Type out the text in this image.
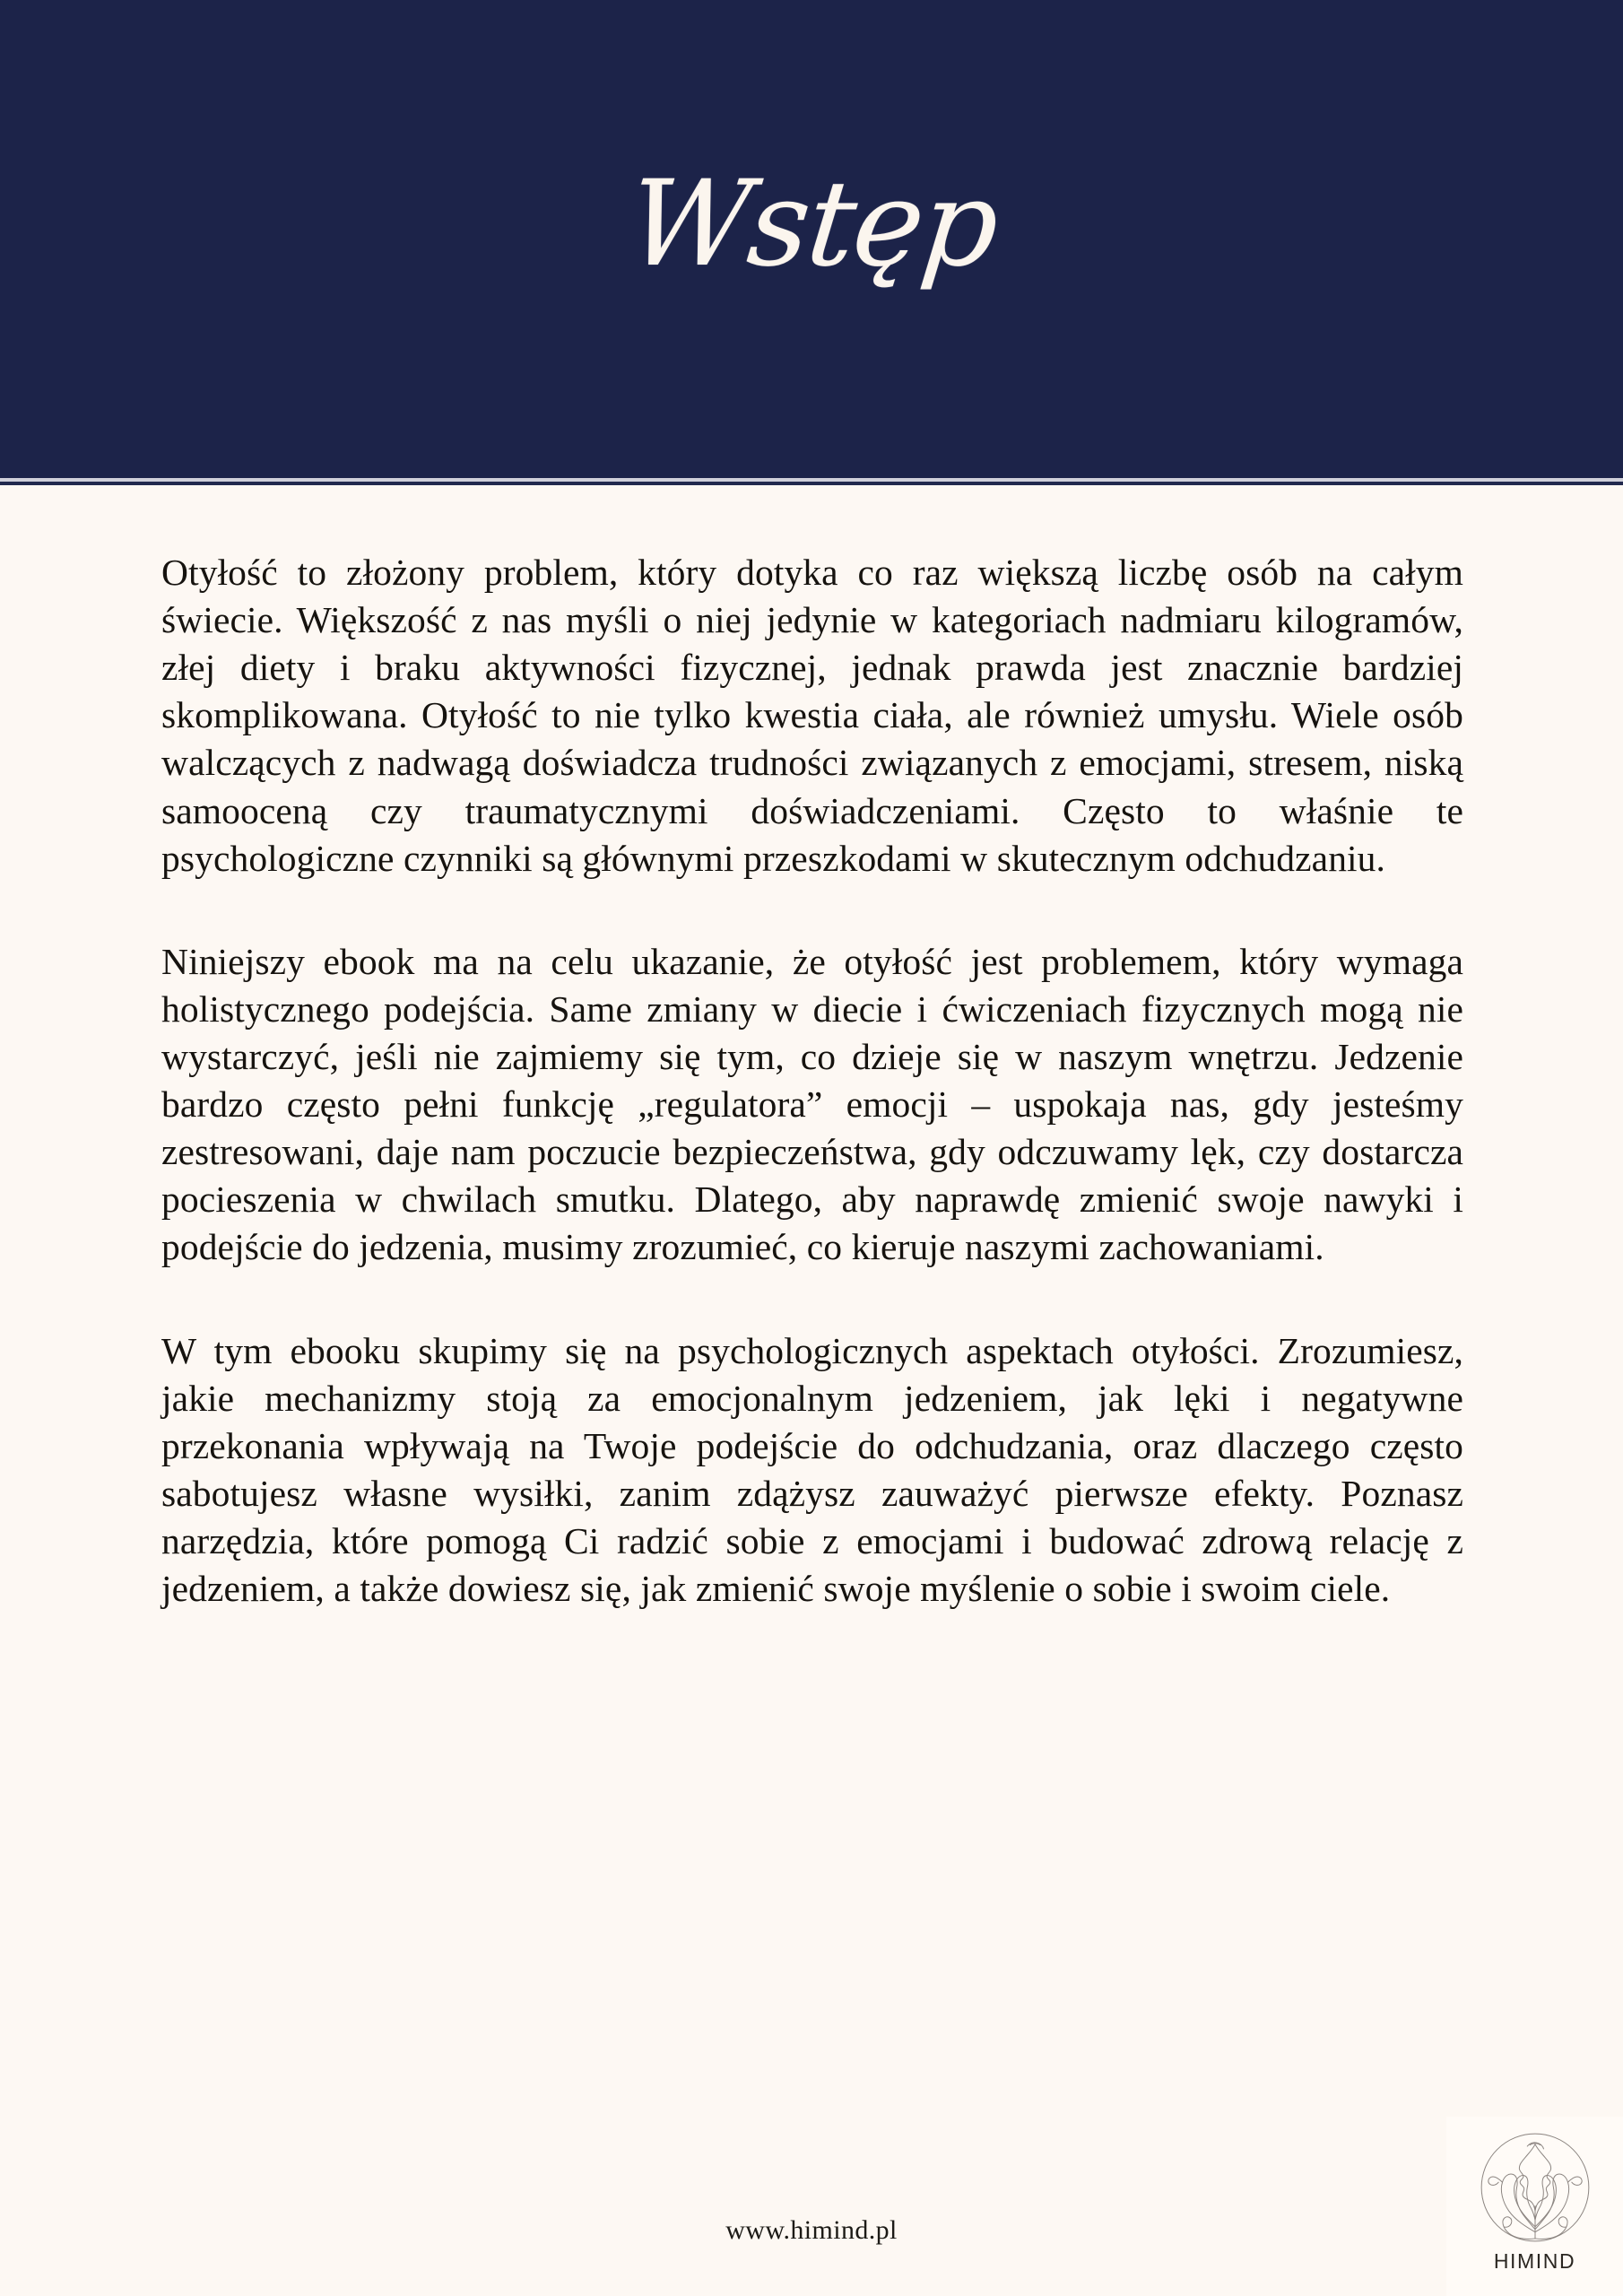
Wstęp

Otyłość to złożony problem, który dotyka co raz większą liczbę osób na całym świecie. Większość z nas myśli o niej jedynie w kategoriach nadmiaru kilogramów, złej diety i braku aktywności fizycznej, jednak prawda jest znacznie bardziej skomplikowana. Otyłość to nie tylko kwestia ciała, ale również umysłu. Wiele osób walczących z nadwagą doświadcza trudności związanych z emocjami, stresem, niską samooceną czy traumatycznymi doświadczeniami. Często to właśnie te psychologiczne czynniki są głównymi przeszkodami w skutecznym odchudzaniu.

Niniejszy ebook ma na celu ukazanie, że otyłość jest problemem, który wymaga holistycznego podejścia. Same zmiany w diecie i ćwiczeniach fizycznych mogą nie wystarczyć, jeśli nie zajmiemy się tym, co dzieje się w naszym wnętrzu. Jedzenie bardzo często pełni funkcję „regulatora” emocji – uspokaja nas, gdy jesteśmy zestresowani, daje nam poczucie bezpieczeństwa, gdy odczuwamy lęk, czy dostarcza pocieszenia w chwilach smutku. Dlatego, aby naprawdę zmienić swoje nawyki i podejście do jedzenia, musimy zrozumieć, co kieruje naszymi zachowaniami.

W tym ebooku skupimy się na psychologicznych aspektach otyłości. Zrozumiesz, jakie mechanizmy stoją za emocjonalnym jedzeniem, jak lęki i negatywne przekonania wpływają na Twoje podejście do odchudzania, oraz dlaczego często sabotujesz własne wysiłki, zanim zdążysz zauważyć pierwsze efekty. Poznasz narzędzia, które pomogą Ci radzić sobie z emocjami i budować zdrową relację z jedzeniem, a także dowiesz się, jak zmienić swoje myślenie o sobie i swoim ciele.

www.himind.pl
HIMIND
